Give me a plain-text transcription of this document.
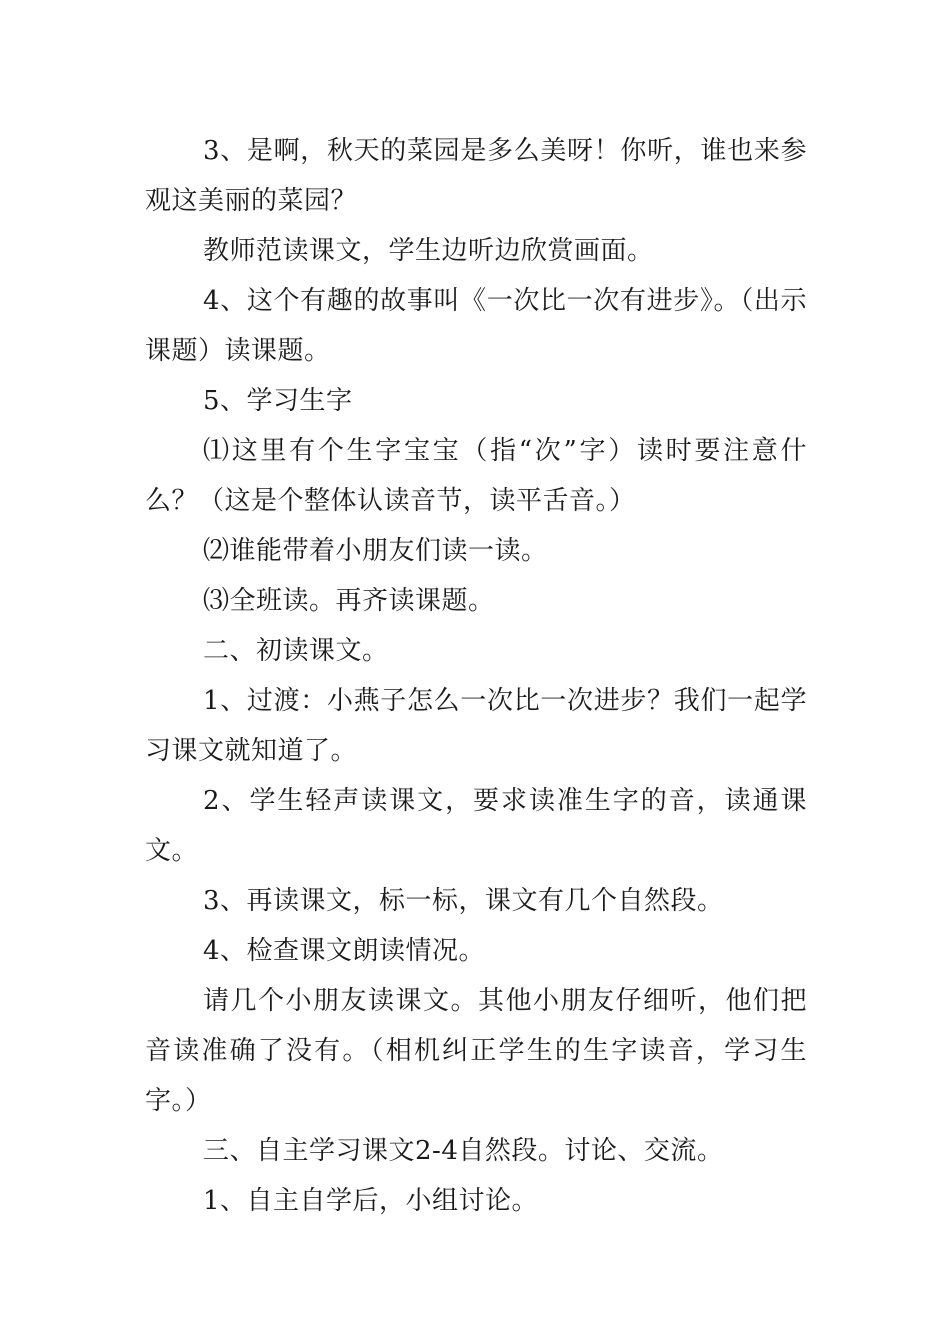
3、是啊，秋天的菜园是多么美呀！你听，谁也来参观这美丽的菜园？

教师范读课文，学生边听边欣赏画面。

4、这个有趣的故事叫《一次比一次有进步》。（出示课题）读课题。

5、学习生字

⑴这里有个生字宝宝（指“次”字）读时要注意什么？（这是个整体认读音节，读平舌音。）

⑵谁能带着小朋友们读一读。

⑶全班读。再齐读课题。

二、初读课文。

1、过渡：小燕子怎么一次比一次进步？我们一起学习课文就知道了。

2、学生轻声读课文，要求读准生字的音，读通课文。

3、再读课文，标一标，课文有几个自然段。

4、检查课文朗读情况。

请几个小朋友读课文。其他小朋友仔细听，他们把音读准确了没有。（相机纠正学生的生字读音，学习生字。）

三、自主学习课文2-4自然段。讨论、交流。

1、自主自学后，小组讨论。
